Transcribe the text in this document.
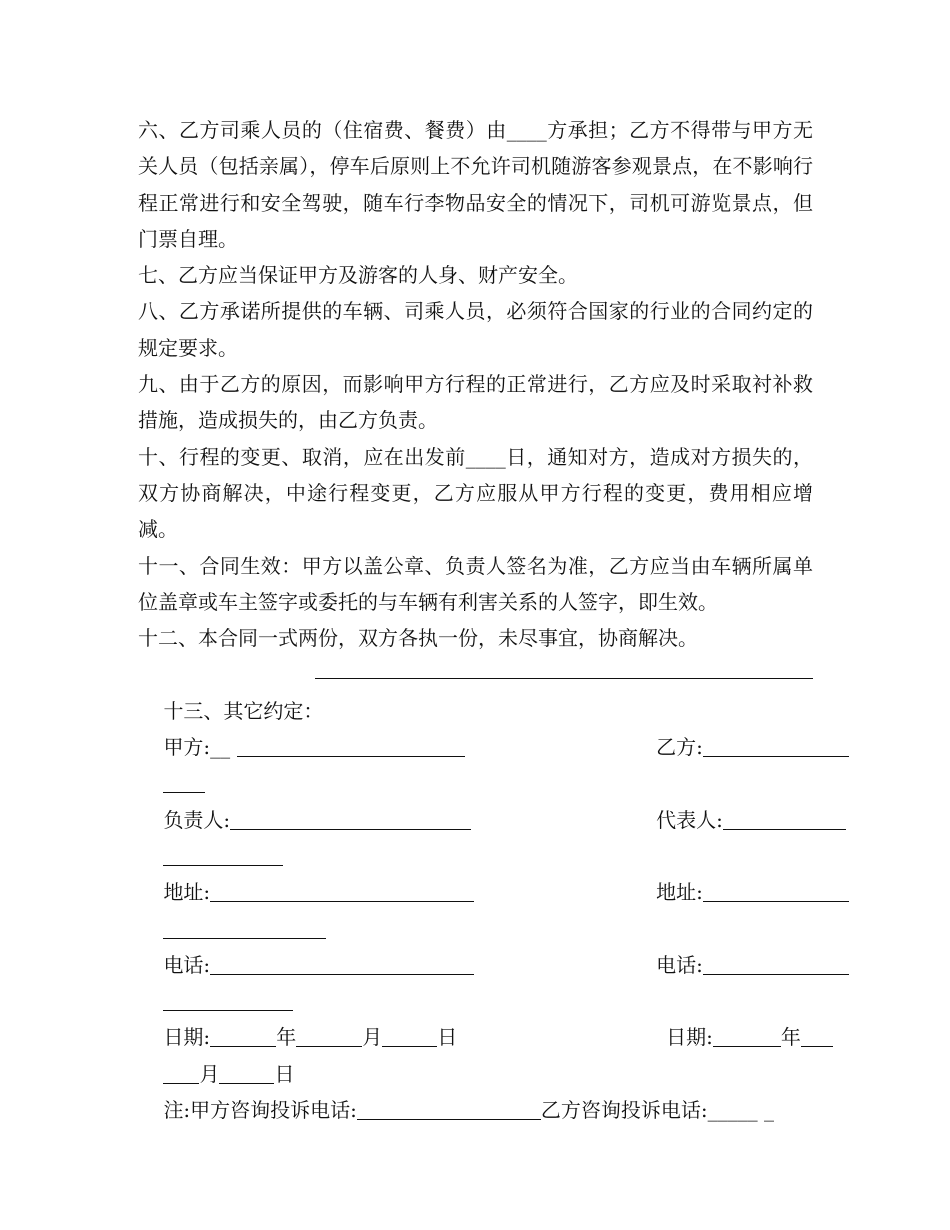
六、乙方司乘人员的（住宿费、餐费）由____方承担；乙方不得带与甲方无关人员（包括亲属），停车后原则上不允许司机随游客参观景点，在不影响行程正常进行和安全驾驶，随车行李物品安全的情况下，司机可游览景点，但门票自理。

七、乙方应当保证甲方及游客的人身、财产安全。

八、乙方承诺所提供的车辆、司乘人员，必须符合国家的行业的合同约定的规定要求。

九、由于乙方的原因，而影响甲方行程的正常进行，乙方应及时采取衬补救措施，造成损失的，由乙方负责。

十、行程的变更、取消，应在出发前____日，通知对方，造成对方损失的，双方协商解决，中途行程变更，乙方应服从甲方行程的变更，费用相应增减。

十一、合同生效：甲方以盖公章、负责人签名为准，乙方应当由车辆所属单位盖章或车主签字或委托的与车辆有利害关系的人签字，即生效。

十二、本合同一式两份，双方各执一份，未尽事宜，协商解决。

十三、其它约定：

甲方:__
	乙方:

负责人:
	代表人:

地址:
	地址:

电话:
	电话:

日期:	年	月	日
	日期:	年

月	日

注:甲方咨询投诉电话:	乙方咨询投诉电话:_____ _
